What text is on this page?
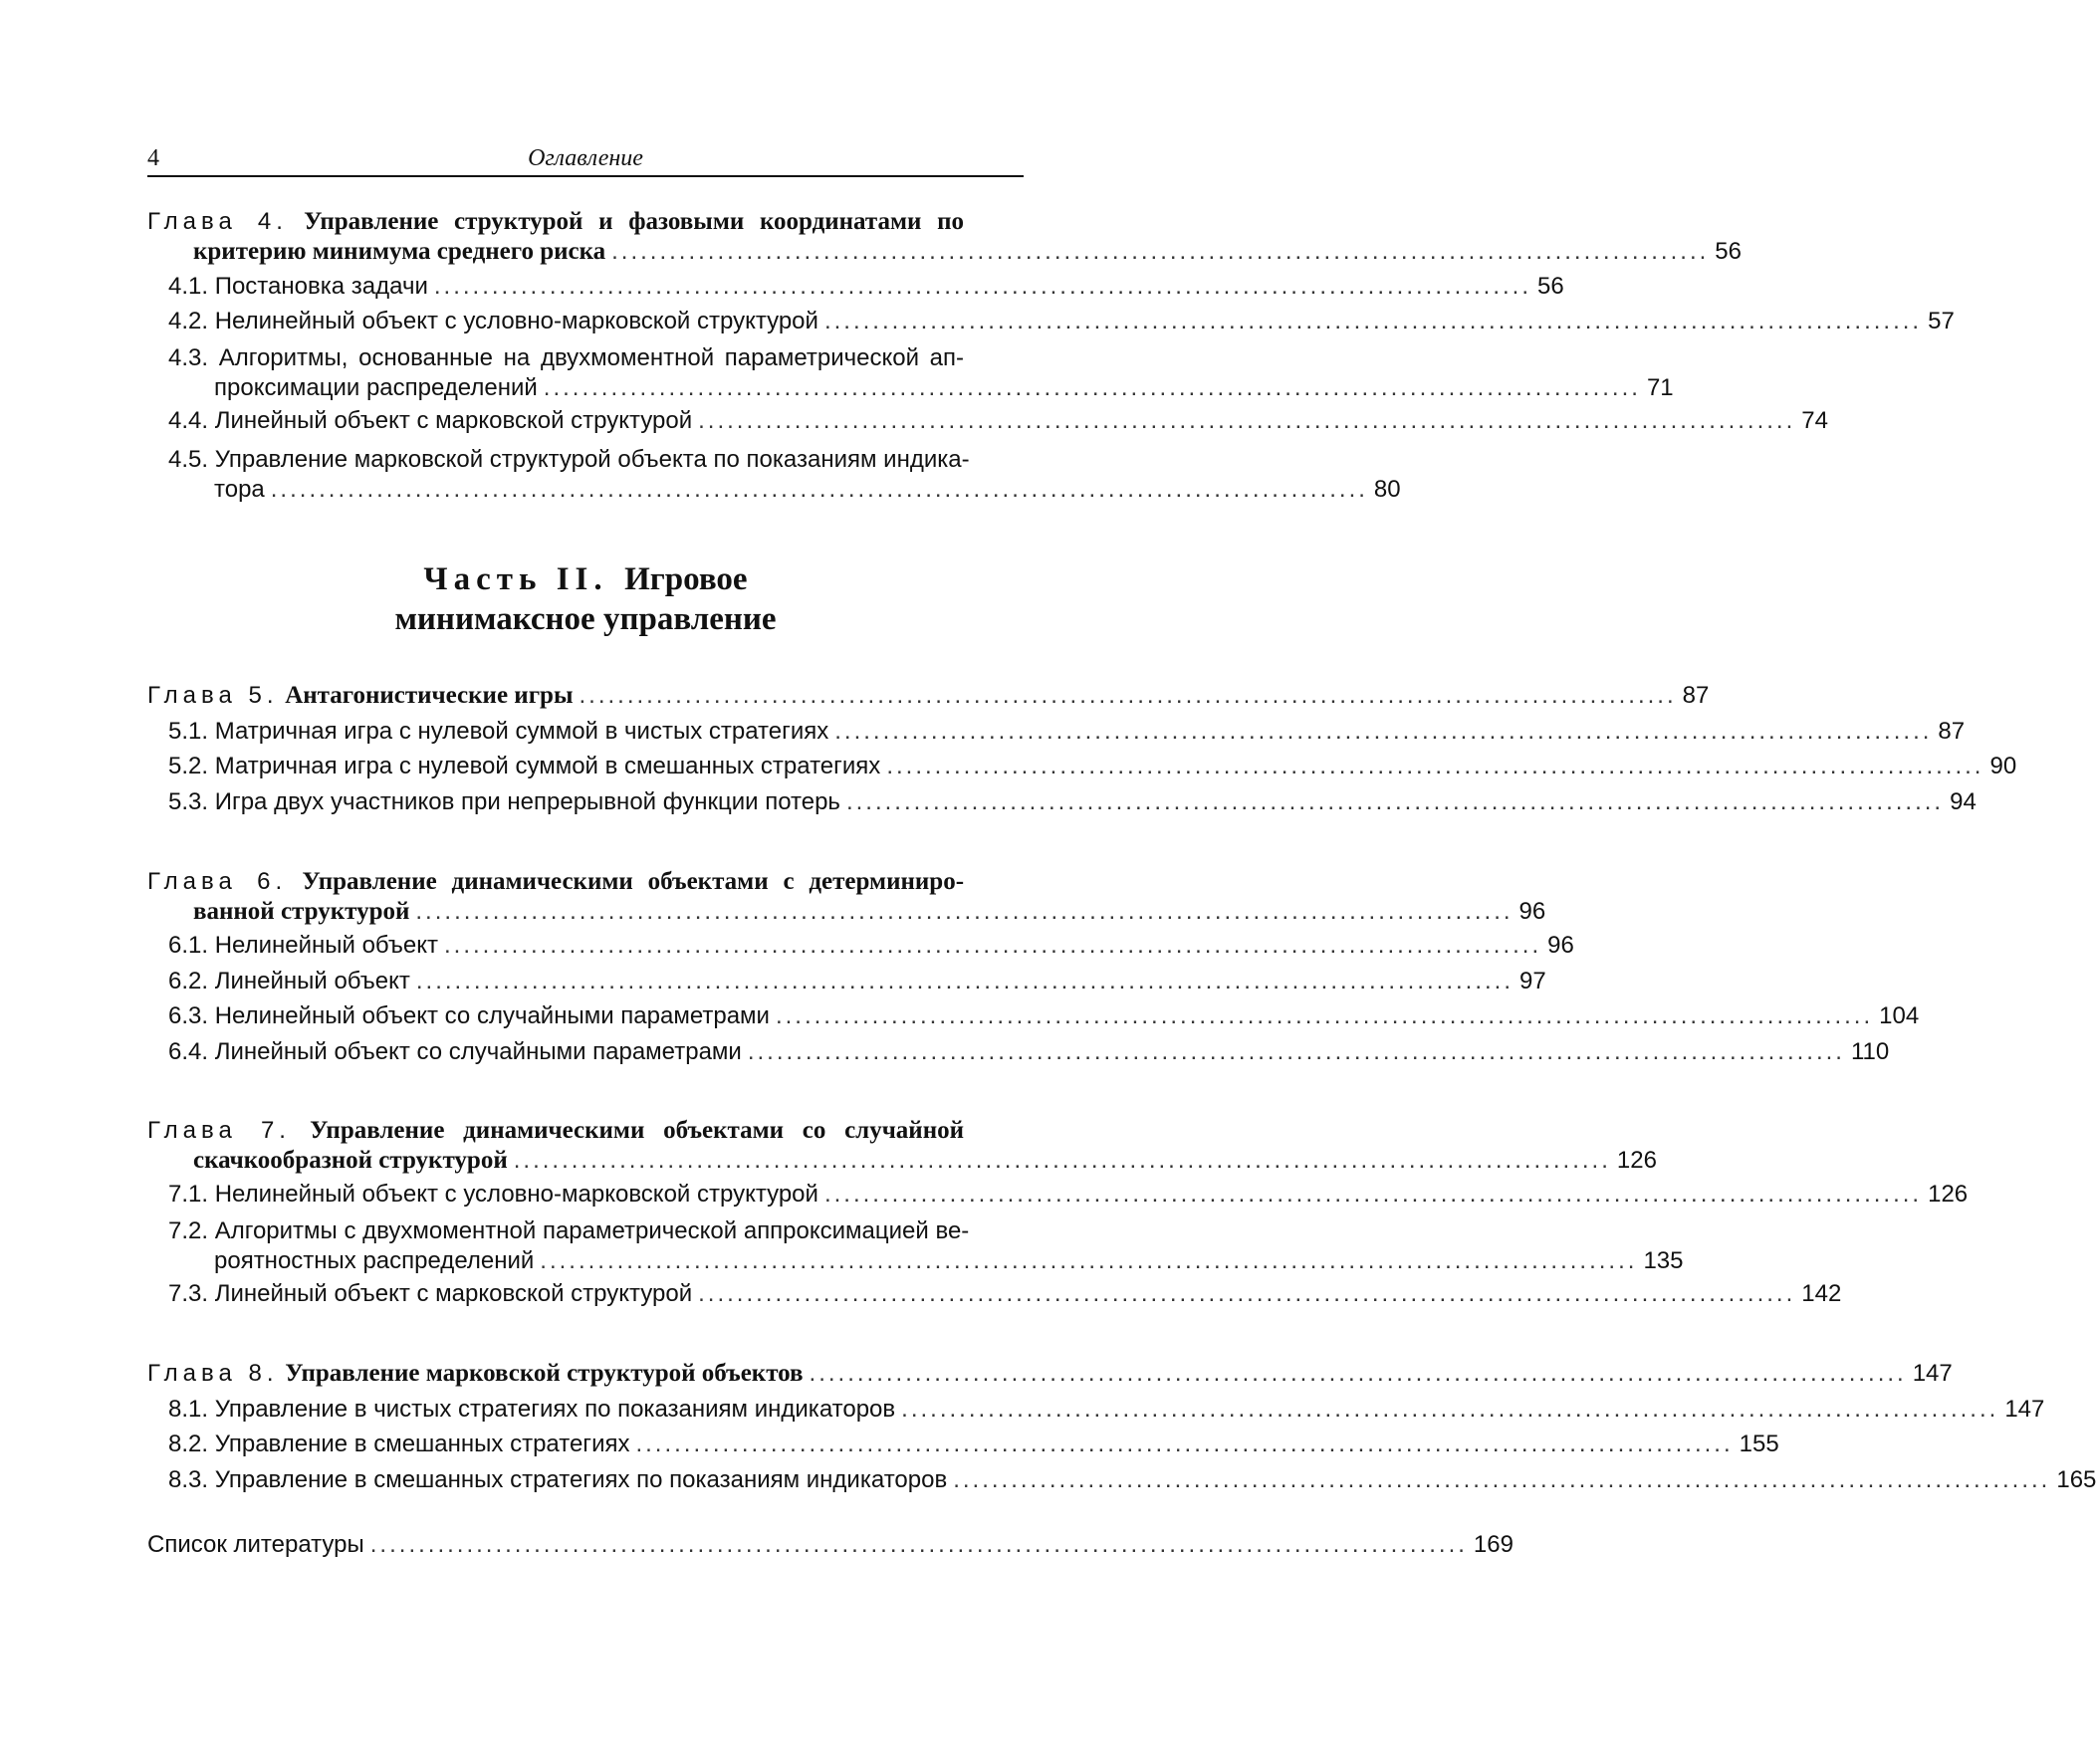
4	Оглавление
Глава 4. Управление структурой и фазовыми координатами по
критерию минимума среднего риска .................................................................................................................. 56
4.1. Постановка задачи .................................................................................................................. 56
4.2. Нелинейный объект с условно-марковской структурой .................................................................................................................. 57
4.3. Алгоритмы, основанные на двухмоментной параметрической ап-
проксимации распределений .................................................................................................................. 71
4.4. Линейный объект с марковской структурой .................................................................................................................. 74
4.5. Управление марковской структурой объекта по показаниям индика-
тора .................................................................................................................. 80
Часть II. Игровое
минимаксное управление
Глава 5. Антагонистические игры .................................................................................................................. 87
5.1. Матричная игра с нулевой суммой в чистых стратегиях .................................................................................................................. 87
5.2. Матричная игра с нулевой суммой в смешанных стратегиях .................................................................................................................. 90
5.3. Игра двух участников при непрерывной функции потерь .................................................................................................................. 94
Глава 6. Управление динамическими объектами с детерминиро-
ванной структурой .................................................................................................................. 96
6.1. Нелинейный объект .................................................................................................................. 96
6.2. Линейный объект .................................................................................................................. 97
6.3. Нелинейный объект со случайными параметрами .................................................................................................................. 104
6.4. Линейный объект со случайными параметрами .................................................................................................................. 110
Глава 7. Управление динамическими объектами со случайной
скачкообразной структурой .................................................................................................................. 126
7.1. Нелинейный объект с условно-марковской структурой .................................................................................................................. 126
7.2. Алгоритмы с двухмоментной параметрической аппроксимацией ве-
роятностных распределений .................................................................................................................. 135
7.3. Линейный объект с марковской структурой .................................................................................................................. 142
Глава 8. Управление марковской структурой объектов .................................................................................................................. 147
8.1. Управление в чистых стратегиях по показаниям индикаторов .................................................................................................................. 147
8.2. Управление в смешанных стратегиях .................................................................................................................. 155
8.3. Управление в смешанных стратегиях по показаниям индикаторов .................................................................................................................. 165
Список литературы .................................................................................................................. 169
